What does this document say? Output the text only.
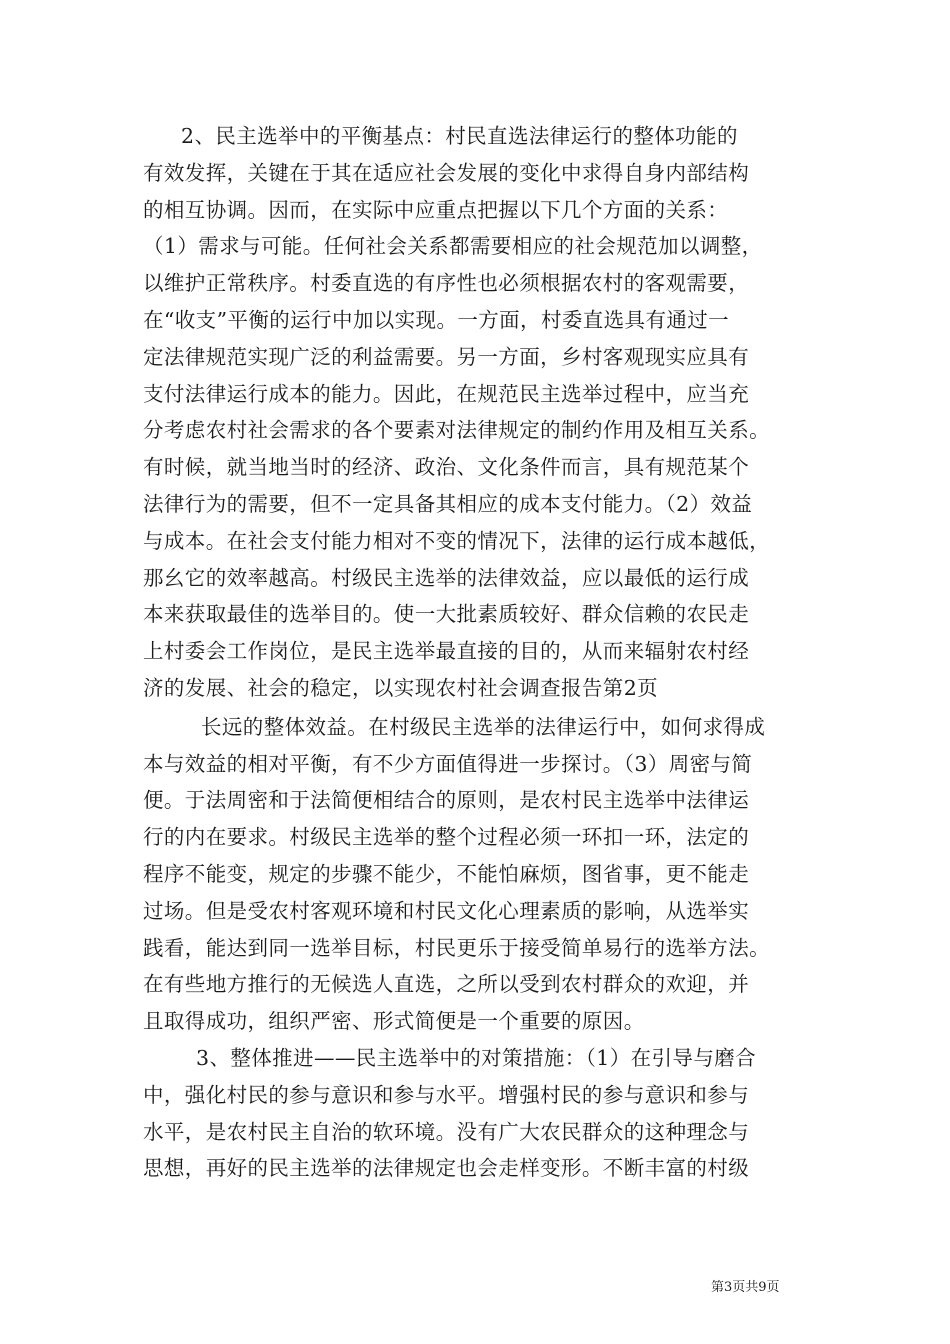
2、民主选举中的平衡基点：村民直选法律运行的整体功能的
有效发挥，关键在于其在适应社会发展的变化中求得自身内部结构
的相互协调。因而，在实际中应重点把握以下几个方面的关系：
（1）需求与可能。任何社会关系都需要相应的社会规范加以调整，
以维护正常秩序。村委直选的有序性也必须根据农村的客观需要，
在“收支”平衡的运行中加以实现。一方面，村委直选具有通过一
定法律规范实现广泛的利益需要。另一方面，乡村客观现实应具有
支付法律运行成本的能力。因此，在规范民主选举过程中，应当充
分考虑农村社会需求的各个要素对法律规定的制约作用及相互关系。
有时候，就当地当时的经济、政治、文化条件而言，具有规范某个
法律行为的需要，但不一定具备其相应的成本支付能力。（2）效益
与成本。在社会支付能力相对不变的情况下，法律的运行成本越低，
那幺它的效率越高。村级民主选举的法律效益，应以最低的运行成
本来获取最佳的选举目的。使一大批素质较好、群众信赖的农民走
上村委会工作岗位，是民主选举最直接的目的，从而来辐射农村经
济的发展、社会的稳定，以实现农村社会调查报告第2页
长远的整体效益。在村级民主选举的法律运行中，如何求得成
本与效益的相对平衡，有不少方面值得进一步探讨。（3）周密与简
便。于法周密和于法简便相结合的原则，是农村民主选举中法律运
行的内在要求。村级民主选举的整个过程必须一环扣一环，法定的
程序不能变，规定的步骤不能少，不能怕麻烦，图省事，更不能走
过场。但是受农村客观环境和村民文化心理素质的影响，从选举实
践看，能达到同一选举目标，村民更乐于接受简单易行的选举方法。
在有些地方推行的无候选人直选，之所以受到农村群众的欢迎，并
且取得成功，组织严密、形式简便是一个重要的原因。
3、整体推进——民主选举中的对策措施：（1）在引导与磨合
中，强化村民的参与意识和参与水平。增强村民的参与意识和参与
水平，是农村民主自治的软环境。没有广大农民群众的这种理念与
思想，再好的民主选举的法律规定也会走样变形。不断丰富的村级
第3页共9页
